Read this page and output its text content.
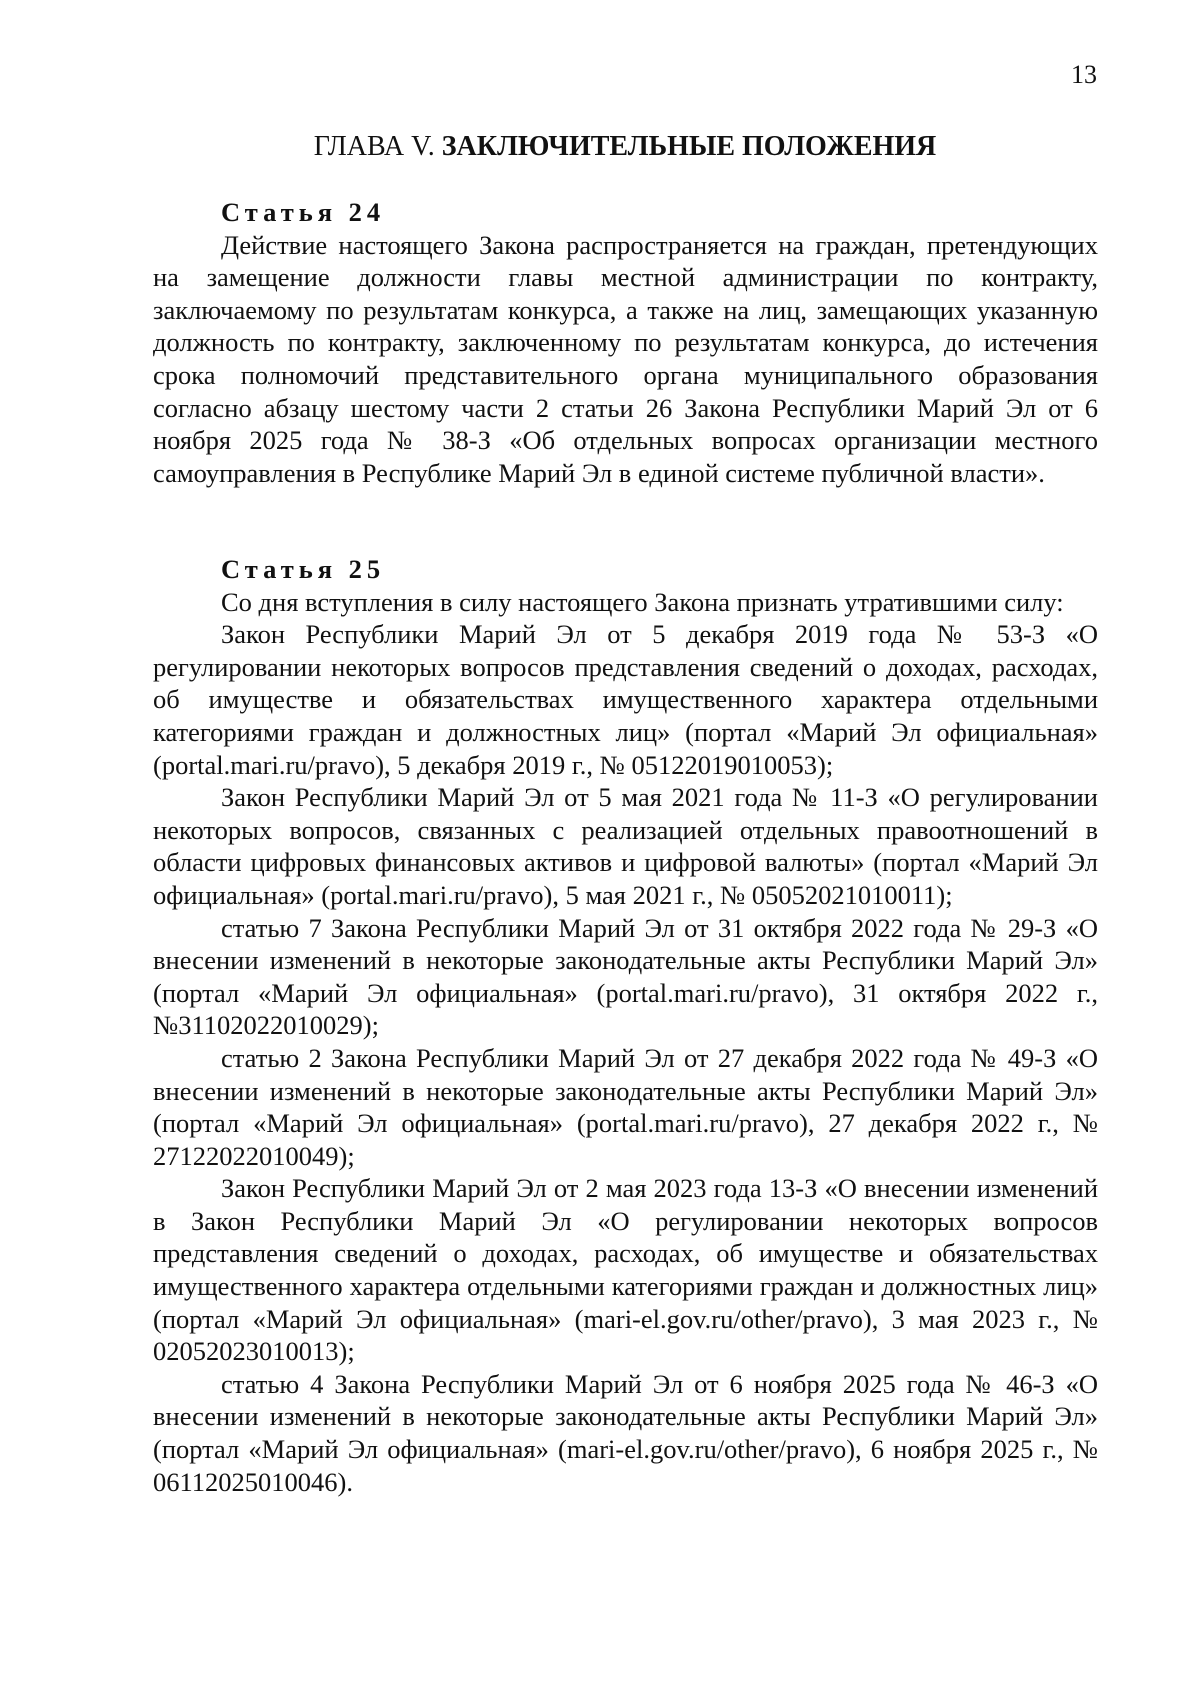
13
ГЛАВА V. ЗАКЛЮЧИТЕЛЬНЫЕ ПОЛОЖЕНИЯ
Статья 24

Действие настоящего Закона распространяется на граждан, претендующих на замещение должности главы местной администрации по контракту, заключаемому по результатам конкурса, а также на лиц, замещающих указанную должность по контракту, заключенному по результатам конкурса, до истечения срока полномочий представительного органа муниципального образования согласно абзацу шестому части 2 статьи 26 Закона Республики Марий Эл от 6 ноября 2025 года № 38-З «Об отдельных вопросах организации местного самоуправления в Республике Марий Эл в единой системе публичной власти».

Статья 25

Со дня вступления в силу настоящего Закона признать утратившими силу:

Закон Республики Марий Эл от 5 декабря 2019 года № 53-З «О регулировании некоторых вопросов представления сведений о доходах, расходах, об имуществе и обязательствах имущественного характера отдельными категориями граждан и должностных лиц» (портал «Марий Эл официальная» (portal.mari.ru/pravo), 5 декабря 2019 г., № 05122019010053);

Закон Республики Марий Эл от 5 мая 2021 года № 11-З «О регулировании некоторых вопросов, связанных с реализацией отдельных правоотношений в области цифровых финансовых активов и цифровой валюты» (портал «Марий Эл официальная» (portal.mari.ru/pravo), 5 мая 2021 г., № 05052021010011);

статью 7 Закона Республики Марий Эл от 31 октября 2022 года № 29-З «О внесении изменений в некоторые законодательные акты Республики Марий Эл» (портал «Марий Эл официальная» (portal.mari.ru/pravo), 31 октября 2022 г., №31102022010029);

статью 2 Закона Республики Марий Эл от 27 декабря 2022 года № 49-З «О внесении изменений в некоторые законодательные акты Республики Марий Эл» (портал «Марий Эл официальная» (portal.mari.ru/pravo), 27 декабря 2022 г., № 27122022010049);

Закон Республики Марий Эл от 2 мая 2023 года 13-З «О внесении изменений в Закон Республики Марий Эл «О регулировании некоторых вопросов представления сведений о доходах, расходах, об имуществе и обязательствах имущественного характера отдельными категориями граждан и должностных лиц» (портал «Марий Эл официальная» (mari-el.gov.ru/other/pravo), 3 мая 2023 г., № 02052023010013);

статью 4 Закона Республики Марий Эл от 6 ноября 2025 года № 46-З «О внесении изменений в некоторые законодательные акты Республики Марий Эл» (портал «Марий Эл официальная» (mari-el.gov.ru/other/pravo), 6 ноября 2025 г., № 06112025010046).
